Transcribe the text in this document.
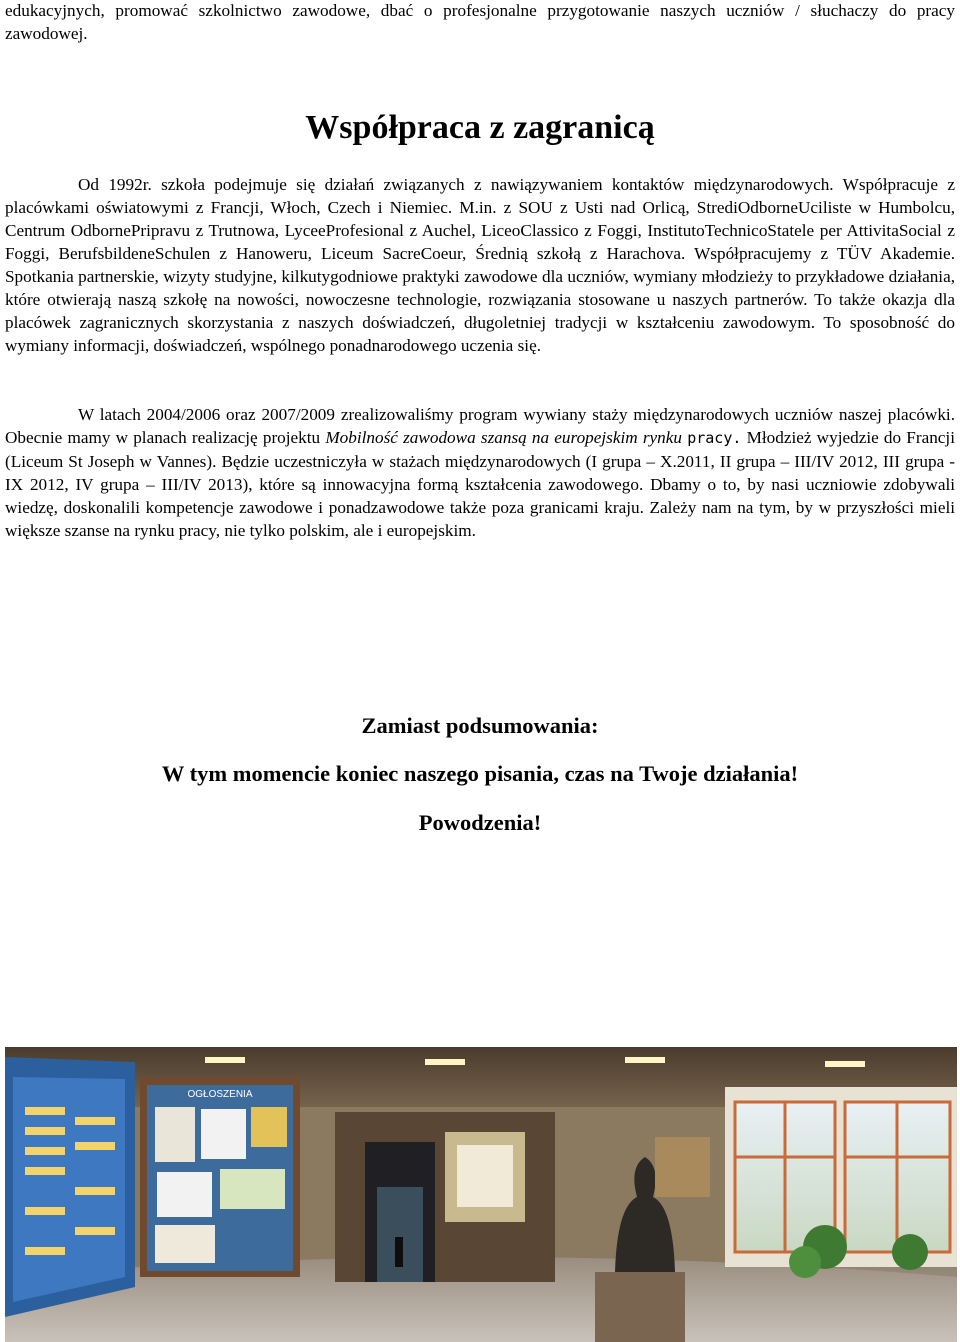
edukacyjnych, promować szkolnictwo zawodowe, dbać o profesjonalne przygotowanie naszych uczniów / słuchaczy do pracy zawodowej.

Współpraca z zagranicą

Od 1992r. szkoła podejmuje się działań związanych z nawiązywaniem kontaktów międzynarodowych. Współpracuje z placówkami oświatowymi z Francji, Włoch, Czech i Niemiec. M.in. z SOU z Usti nad Orlicą, StrediOdborneUciliste w Humbolcu, Centrum OdbornePripravu z Trutnowa, LyceeProfesional z Auchel, LiceoClassico z Foggi, InstitutoTechnicoStatele per AttivitaSocial z Foggi, BerufsbildeneSchulen z Hanoweru, Liceum SacreCoeur, Średnią szkołą z Harachova. Współpracujemy z TÜV Akademie. Spotkania partnerskie, wizyty studyjne, kilkutygodniowe praktyki zawodowe dla uczniów, wymiany młodzieży to przykładowe działania, które otwierają naszą szkołę na nowości, nowoczesne technologie, rozwiązania stosowane u naszych partnerów. To także okazja dla placówek zagranicznych skorzystania z naszych doświadczeń, długoletniej tradycji w kształceniu zawodowym. To sposobność do wymiany informacji, doświadczeń, wspólnego ponadnarodowego uczenia się.

W latach 2004/2006 oraz 2007/2009 zrealizowaliśmy program wywiany staży międzynarodowych uczniów naszej placówki. Obecnie mamy w planach realizację projektu Mobilność zawodowa szansą na europejskim rynku pracy. Młodzież wyjedzie do Francji (Liceum St Joseph w Vannes). Będzie uczestniczyła w stażach międzynarodowych (I grupa – X.2011, II grupa – III/IV 2012, III grupa - IX 2012, IV grupa – III/IV 2013), które są innowacyjna formą kształcenia zawodowego. Dbamy o to, by nasi uczniowie zdobywali wiedzę, doskonalili kompetencje zawodowe i ponadzawodowe także poza granicami kraju. Zależy nam na tym, by w przyszłości mieli większe szanse na rynku pracy, nie tylko polskim, ale i europejskim.

Zamiast podsumowania:
W tym momencie koniec naszego pisania, czas na Twoje działania!
Powodzenia!
OGŁOSZENIA
